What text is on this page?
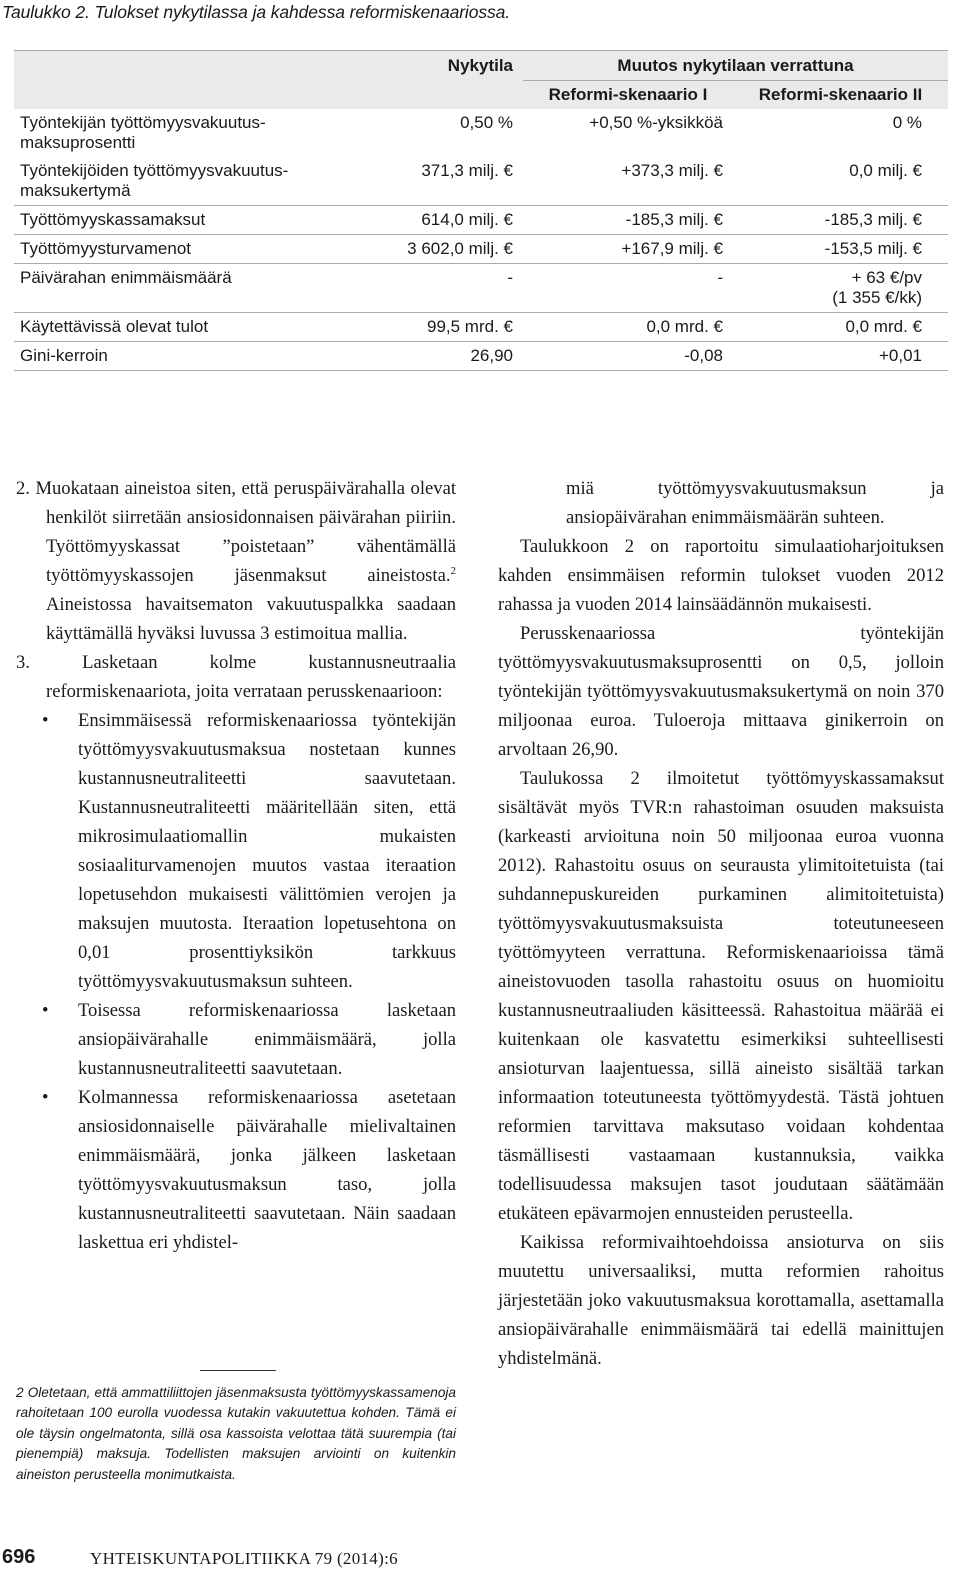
Taulukko 2. Tulokset nykytilassa ja kahdessa reformiskenaariossa.
	Nykytila	Muutos nykytilaan verrattuna	
		Reformi-skenaario I	Reformi-skenaario II
Työntekijän työttömyysvakuutus-maksuprosentti	0,50 %	+0,50 %-yksikköä	0 %
Työntekijöiden työttömyysvakuutus-maksukertymä	371,3 milj. €	+373,3 milj. €	0,0 milj. €
Työttömyyskassamaksut	614,0 milj. €	-185,3 milj. €	-185,3 milj. €
Työttömyysturvamenot	3 602,0 milj. €	+167,9 milj. €	-153,5 milj. €
Päivärahan enimmäismäärä	-	-	+ 63 €/pv
(1 355 €/kk)

Käytettävissä olevat tulot	99,5 mrd. €	0,0 mrd. €	0,0 mrd. €
Gini-kerroin	26,90	-0,08	+0,01

2. Muokataan aineistoa siten, että peruspäivärahalla olevat henkilöt siirretään ansiosidonnaisen päivärahan piiriin. Työttömyyskassat ”poistetaan” vähentämällä työttömyyskassojen jäsenmaksut aineistosta.$^2$ Aineistossa havaitsematon vakuutuspalkka saadaan käyttämällä hyväksi luvussa 3 estimoitua mallia.

3. Lasketaan kolme kustannusneutraalia reformiskenaariota, joita verrataan perusskenaarioon:

• Ensimmäisessä reformiskenaariossa työntekijän työttömyysvakuutusmaksua nostetaan kunnes kustannusneutraliteetti saavutetaan. Kustannusneutraliteetti määritellään siten, että mikrosimulaatiomallin mukaisten sosiaaliturvamenojen muutos vastaa iteraation lopetusehdon mukaisesti välittömien verojen ja maksujen muutosta. Iteraation lopetusehtona on 0,01 prosenttiyksikön tarkkuus työttömyysvakuutusmaksun suhteen.
• Toisessa reformiskenaariossa lasketaan ansiopäivärahalle enimmäismäärä, jolla kustannusneutraliteetti saavutetaan.
• Kolmannessa reformiskenaariossa asetetaan ansiosidonnaiselle päivärahalle mielivaltainen enimmäismäärä, jonka jälkeen lasketaan työttömyysvakuutusmaksun taso, jolla kustannusneutraliteetti saavutetaan. Näin saadaan laskettua eri yhdistel-

miä työttömyysvakuutusmaksun ja ansiopäivärahan enimmäismäärän suhteen.

Taulukkoon 2 on raportoitu simulaatioharjoituksen kahden ensimmäisen reformin tulokset vuoden 2012 rahassa ja vuoden 2014 lainsäädännön mukaisesti.

Perusskenaariossa työntekijän työttömyysvakuutusmaksuprosentti on 0,5, jolloin työntekijän työttömyysvakuutusmaksukertymä on noin 370 miljoonaa euroa. Tuloeroja mittaava ginikerroin on arvoltaan 26,90.

Taulukossa 2 ilmoitetut työttömyyskassamaksut sisältävät myös TVR:n rahastoiman osuuden maksuista (karkeasti arvioituna noin 50 miljoonaa euroa vuonna 2012). Rahastoitu osuus on seurausta ylimitoitetuista (tai suhdannepuskureiden purkaminen alimitoitetuista) työttömyysvakuutusmaksuista toteutuneeseen työttömyyteen verrattuna. Reformiskenaarioissa tämä aineistovuoden tasolla rahastoitu osuus on huomioitu kustannusneutraaliuden käsitteessä. Rahastoitua määrää ei kuitenkaan ole kasvatettu esimerkiksi suhteellisesti ansioturvan laajentuessa, sillä aineisto sisältää tarkan informaation toteutuneesta työttömyydestä. Tästä johtuen reformien tarvittava maksutaso voidaan kohdentaa täsmällisesti vastaamaan kustannuksia, vaikka todellisuudessa maksujen tasot joudutaan säätämään etukäteen epävarmojen ennusteiden perusteella.

Kaikissa reformivaihtoehdoissa ansioturva on siis muutettu universaaliksi, mutta reformien rahoitus järjestetään joko vakuutusmaksua korottamalla, asettamalla ansiopäivärahalle enimmäismäärä tai edellä mainittujen yhdistelmänä.

2 Oletetaan, että ammattiliittojen jäsenmaksusta työttömyyskassamenoja rahoitetaan 100 eurolla vuodessa kutakin vakuutettua kohden. Tämä ei ole täysin ongelmatonta, sillä osa kassoista velottaa tätä suurempia (tai pienempiä) maksuja. Todellisten maksujen arviointi on kuitenkin aineiston perusteella monimutkaista.
696	YHTEISKUNTAPOLITIIKKA 79 (2014):6
